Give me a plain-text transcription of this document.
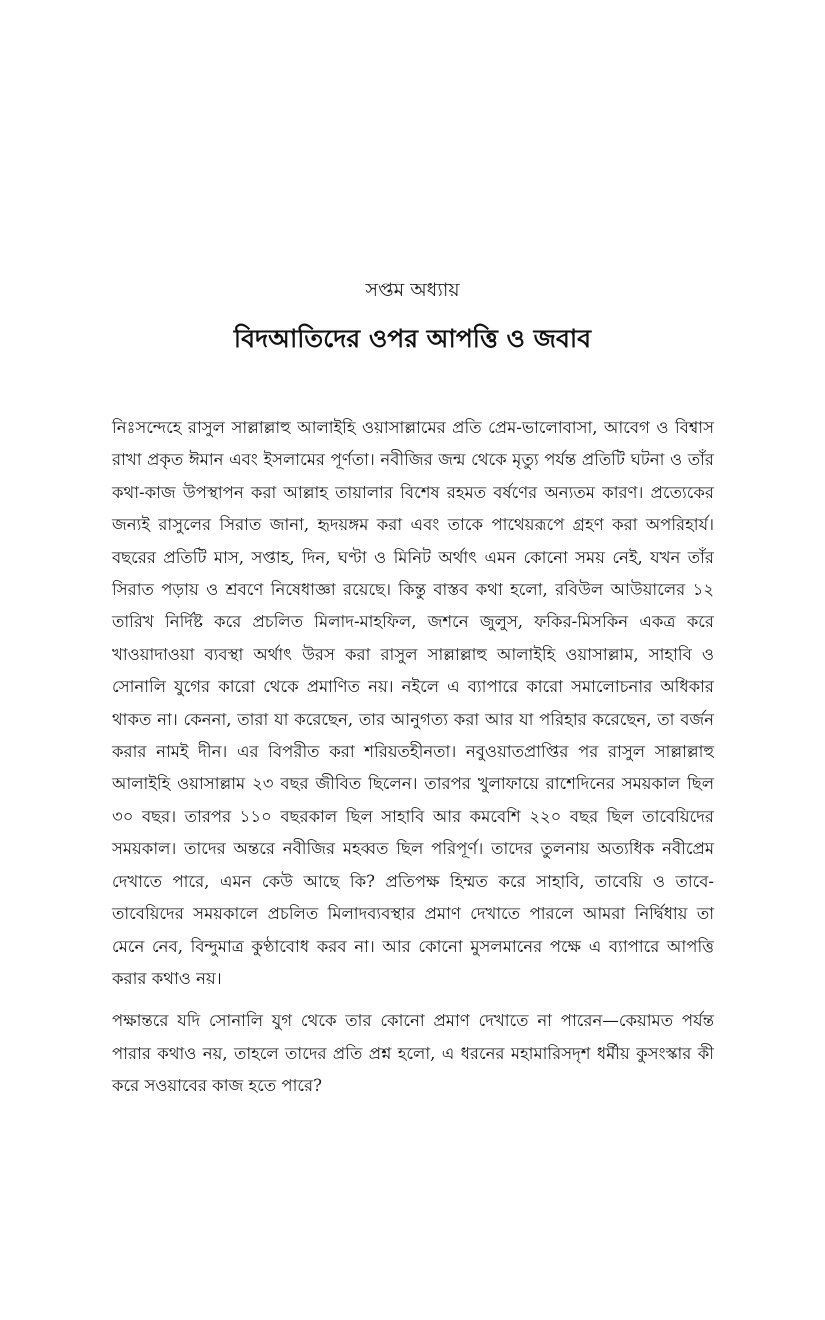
সপ্তম অধ্যায়
বিদআতিদের ওপর আপত্তি ও জবাব

নিঃসন্দেহে রাসুল সাল্লাল্লাহু আলাইহি ওয়াসাল্লামের প্রতি প্রেম-ভালোবাসা, আবেগ ও বিশ্বাস রাখা প্রকৃত ঈমান এবং ইসলামের পূর্ণতা। নবীজির জন্ম থেকে মৃত্যু পর্যন্ত প্রতিটি ঘটনা ও তাঁর কথা-কাজ উপস্থাপন করা আল্লাহ তায়ালার বিশেষ রহমত বর্ষণের অন্যতম কারণ। প্রত্যেকের জন্যই রাসুলের সিরাত জানা, হৃদয়ঙ্গম করা এবং তাকে পাথেয়রূপে গ্রহণ করা অপরিহার্য। বছরের প্রতিটি মাস, সপ্তাহ, দিন, ঘণ্টা ও মিনিট অর্থাৎ এমন কোনো সময় নেই, যখন তাঁর সিরাত পড়ায় ও শ্রবণে নিষেধাজ্ঞা রয়েছে। কিন্তু বাস্তব কথা হলো, রবিউল আউয়ালের ১২ তারিখ নির্দিষ্ট করে প্রচলিত মিলাদ-মাহফিল, জশনে জুলুস, ফকির-মিসকিন একত্র করে খাওয়াদাওয়া ব্যবস্থা অর্থাৎ উরস করা রাসুল সাল্লাল্লাহু আলাইহি ওয়াসাল্লাম, সাহাবি ও সোনালি যুগের কারো থেকে প্রমাণিত নয়। নইলে এ ব্যাপারে কারো সমালোচনার অধিকার থাকত না। কেননা, তারা যা করেছেন, তার আনুগত্য করা আর যা পরিহার করেছেন, তা বর্জন করার নামই দীন। এর বিপরীত করা শরিয়তহীনতা। নবুওয়াতপ্রাপ্তির পর রাসুল সাল্লাল্লাহু আলাইহি ওয়াসাল্লাম ২৩ বছর জীবিত ছিলেন। তারপর খুলাফায়ে রাশেদিনের সময়কাল ছিল ৩০ বছর। তারপর ১১০ বছরকাল ছিল সাহাবি আর কমবেশি ২২০ বছর ছিল তাবেয়িদের সময়কাল। তাদের অন্তরে নবীজির মহব্বত ছিল পরিপূর্ণ। তাদের তুলনায় অত্যধিক নবীপ্রেম দেখাতে পারে, এমন কেউ আছে কি? প্রতিপক্ষ হিম্মত করে সাহাবি, তাবেয়ি ও তাবে-তাবেয়িদের সময়কালে প্রচলিত মিলাদব্যবস্থার প্রমাণ দেখাতে পারলে আমরা নির্দ্বিধায় তা মেনে নেব, বিন্দুমাত্র কুণ্ঠাবোধ করব না। আর কোনো মুসলমানের পক্ষে এ ব্যাপারে আপত্তি করার কথাও নয়।

পক্ষান্তরে যদি সোনালি যুগ থেকে তার কোনো প্রমাণ দেখাতে না পারেন—কেয়ামত পর্যন্ত পারার কথাও নয়, তাহলে তাদের প্রতি প্রশ্ন হলো, এ ধরনের মহামারিসদৃশ ধর্মীয় কুসংস্কার কী করে সওয়াবের কাজ হতে পারে?
